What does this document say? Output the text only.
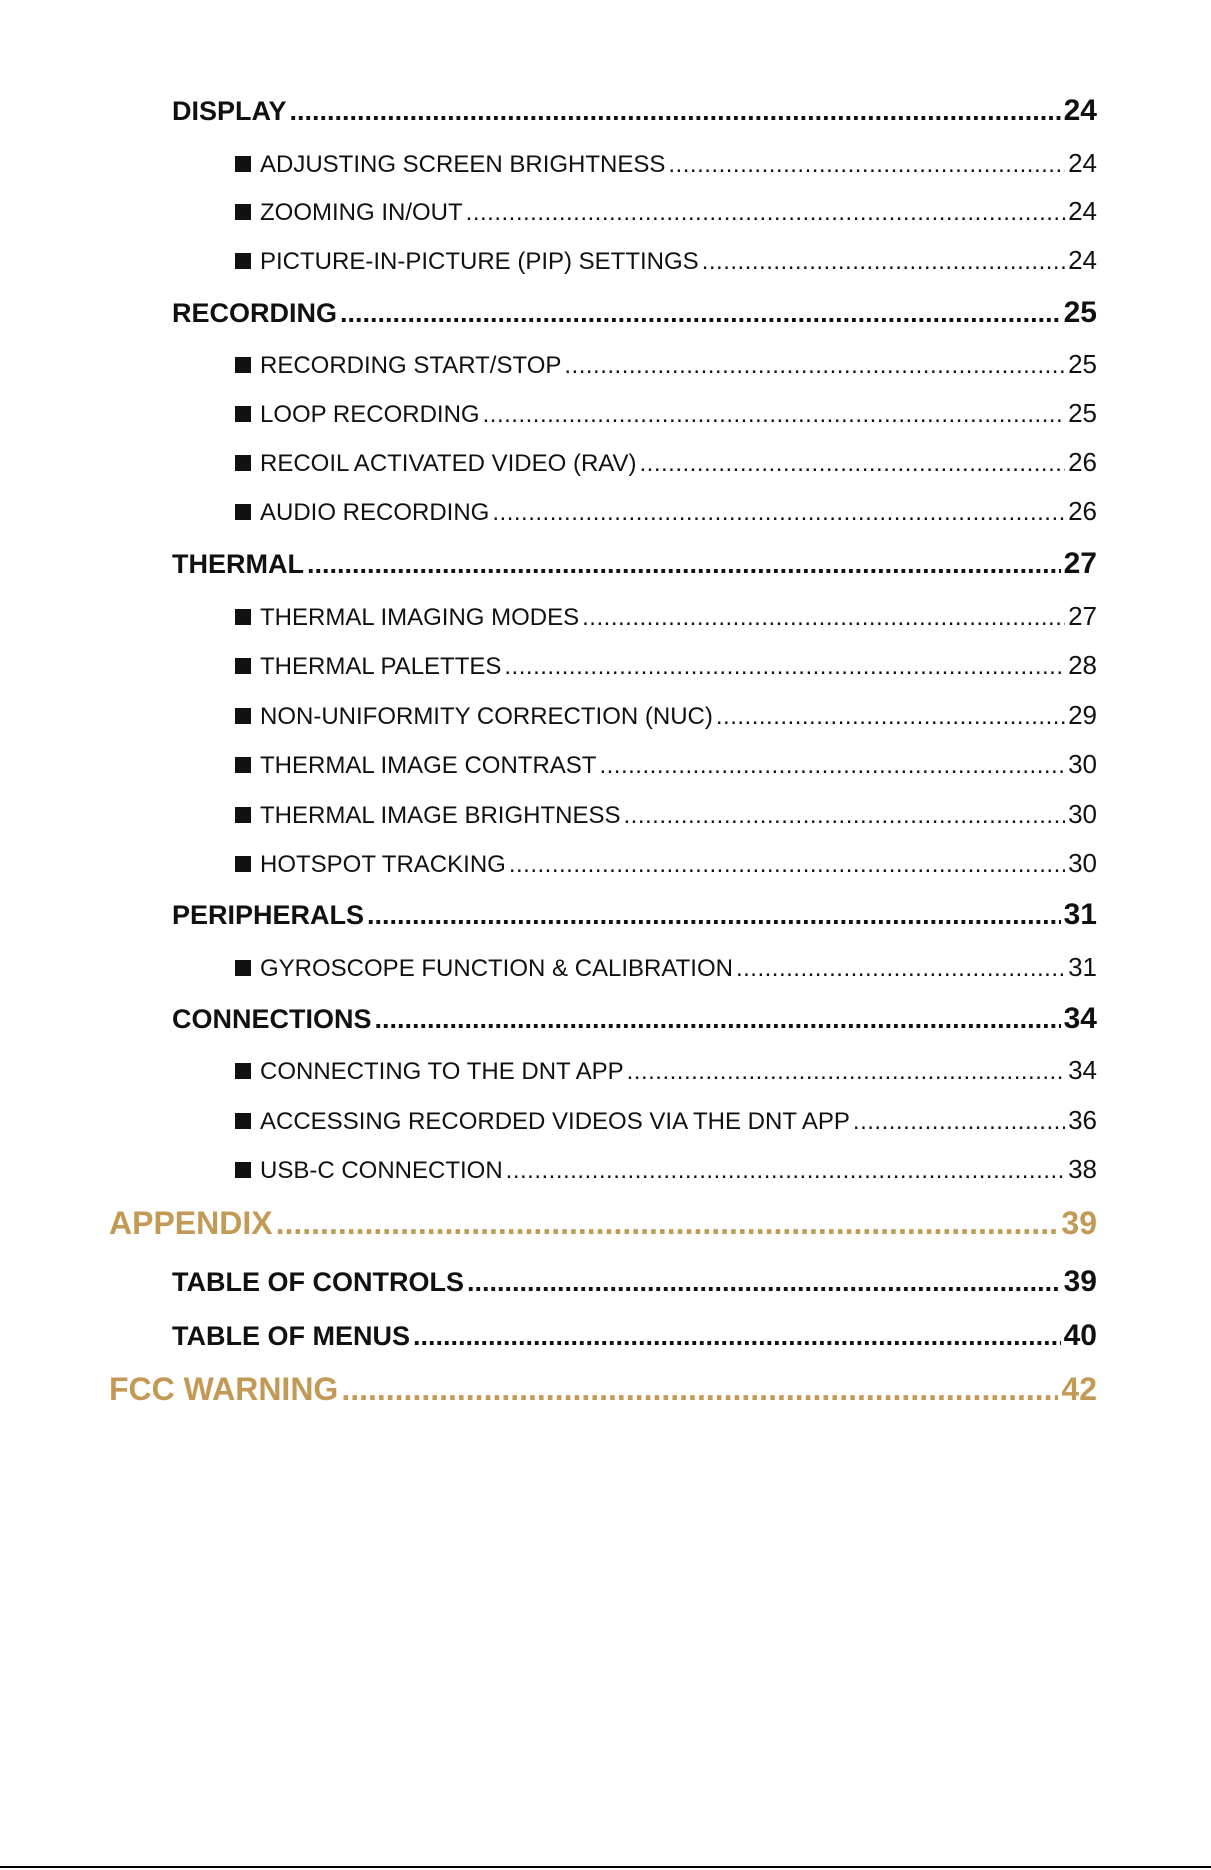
DISPLAY .....	24
ADJUSTING SCREEN BRIGHTNESS .....	24
ZOOMING IN/OUT .....	24
PICTURE-IN-PICTURE (PIP) SETTINGS .....	24
RECORDING .....	25
RECORDING START/STOP .....	25
LOOP RECORDING .....	25
RECOIL ACTIVATED VIDEO (RAV) .....	26
AUDIO RECORDING .....	26
THERMAL .....	27
THERMAL IMAGING MODES .....	27
THERMAL PALETTES .....	28
NON-UNIFORMITY CORRECTION (NUC) .....	29
THERMAL IMAGE CONTRAST .....	30
THERMAL IMAGE BRIGHTNESS .....	30
HOTSPOT TRACKING .....	30
PERIPHERALS .....	31
GYROSCOPE FUNCTION & CALIBRATION .....	31
CONNECTIONS .....	34
CONNECTING TO THE DNT APP .....	34
ACCESSING RECORDED VIDEOS VIA THE DNT APP .....	36
USB-C CONNECTION .....	38
APPENDIX .....	39
TABLE OF CONTROLS .....	39
TABLE OF MENUS .....	40
FCC WARNING .....	42
